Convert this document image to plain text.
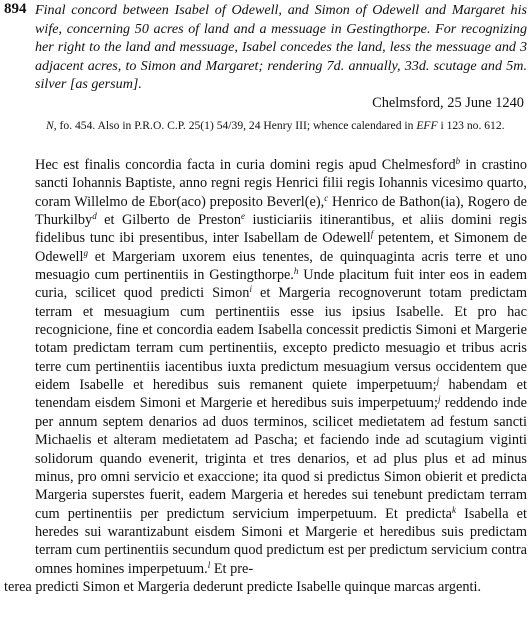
894 Final concord between Isabel of Odewell, and Simon of Odewell and Margaret his wife, concerning 50 acres of land and a messuage in Gestingthorpe. For recognizing her right to the land and messuage, Isabel concedes the land, less the messuage and 3 adjacent acres, to Simon and Margaret; rendering 7d. annually, 33d. scutage and 5m. silver [as gersum].

Chelmsford, 25 June 1240

N, fo. 454. Also in P.R.O. C.P. 25(1) 54/39, 24 Henry III; whence calendared in EFF i 123 no. 612.

Hec est finalis concordia facta in curia domini regis apud Chelmesford$^b$ in crastino sancti Iohannis Baptiste, anno regni regis Henrici filii regis Iohannis vicesimo quarto, coram Willelmo de Ebor(aco) preposito Beverl(e),$^c$ Henrico de Bathon(ia), Rogero de Thurkilby$^d$ et Gilberto de Preston$^e$ iusticiariis itinerantibus, et aliis domini regis fidelibus tunc ibi presentibus, inter Isabellam de Odewell$^f$ petentem, et Simonem de Odewell$^g$ et Margeriam uxorem eius tenentes, de quinquaginta acris terre et uno mesuagio cum pertinentiis in Gestingthorpe.$^h$ Unde placitum fuit inter eos in eadem curia, scilicet quod predicti Simon$^i$ et Margeria recognoverunt totam predictam terram et mesuagium cum pertinentiis esse ius ipsius Isabelle. Et pro hac recognicione, fine et concordia eadem Isabella concessit predictis Simoni et Margerie totam predictam terram cum pertinentiis, excepto predicto mesuagio et tribus acris terre cum pertinentiis iacentibus iuxta predictum mesuagium versus occidentem que eidem Isabelle et heredibus suis remanent quiete imperpetuum;$^j$ habendam et tenendam eisdem Simoni et Margerie et heredibus suis imperpetuum;$^j$ reddendo inde per annum septem denarios ad duos terminos, scilicet medietatem ad festum sancti Michaelis et alteram medietatem ad Pascha; et faciendo inde ad scutagium viginti solidorum quando evenerit, triginta et tres denarios, et ad plus plus et ad minus minus, pro omni servicio et exaccione; ita quod si predictus Simon obierit et predicta Margeria superstes fuerit, eadem Margeria et heredes sui tenebunt predictam terram cum pertinentiis per predictum servicium imperpetuum. Et predicta$^k$ Isabella et heredes sui warantizabunt eisdem Simoni et Margerie et heredibus suis predictam terram cum pertinentiis secundum quod predictum est per predictum servicium contra omnes homines imperpetuum.$^l$ Et pre-
terea predicti Simon et Margeria dederunt predicte Isabelle quinque marcas argenti.
